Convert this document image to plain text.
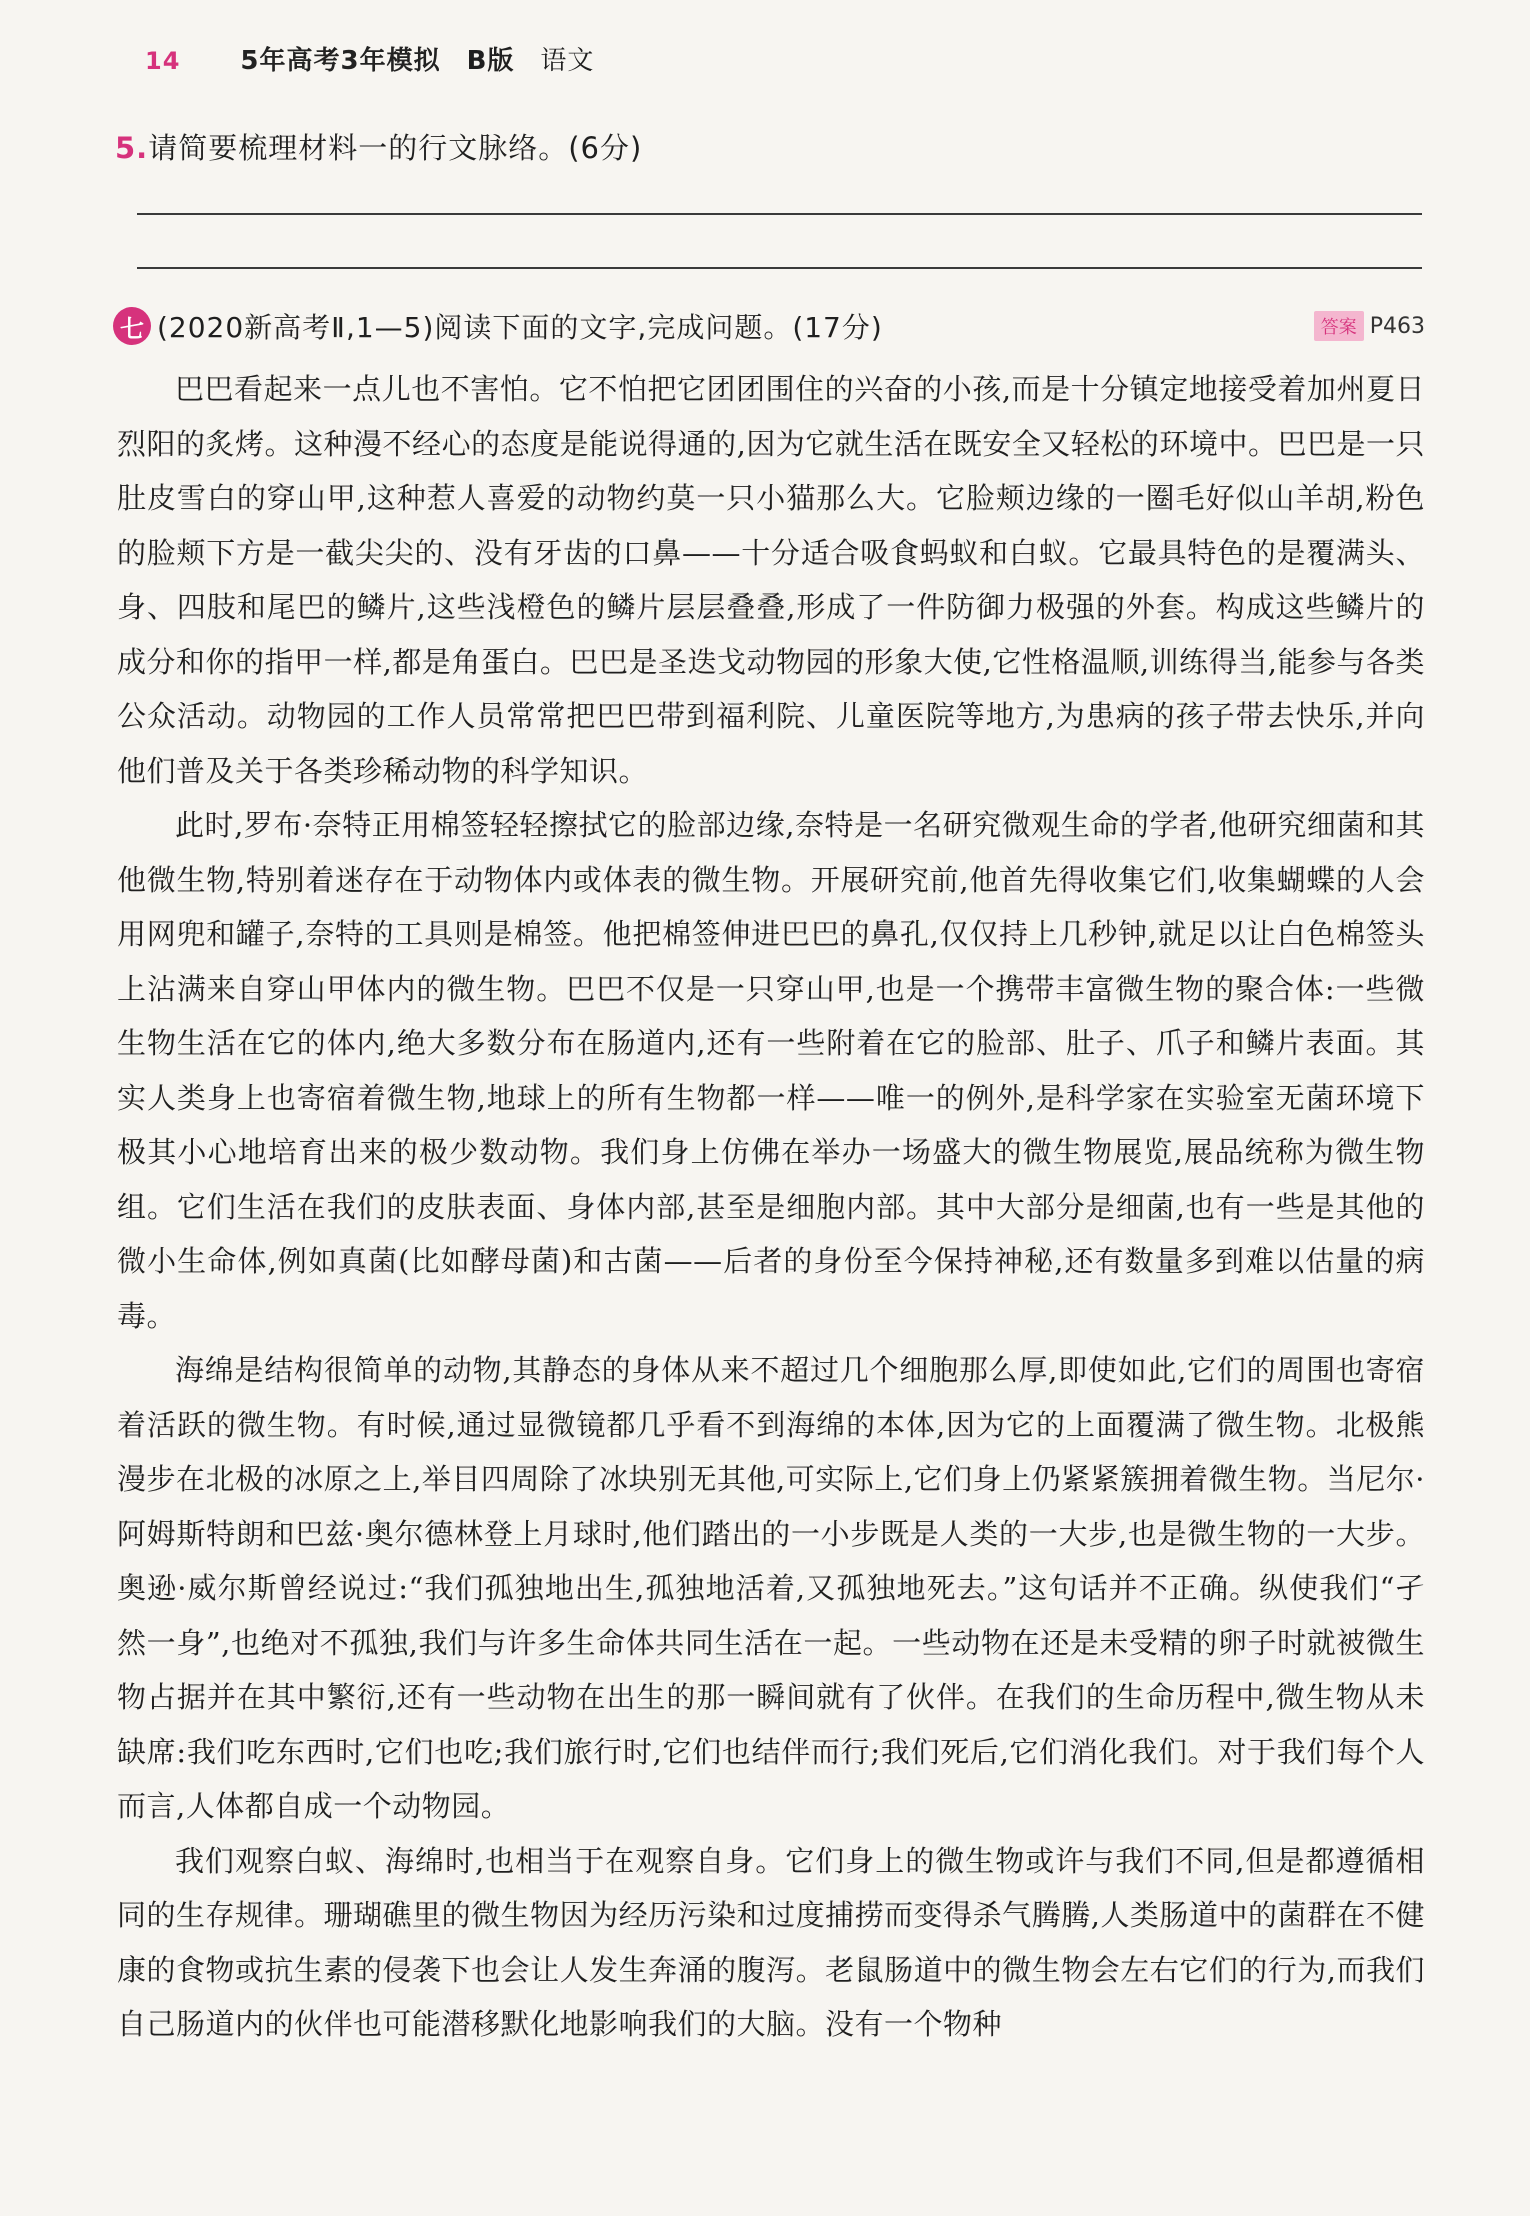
14 5年高考3年模拟 B版 语文
5.请简要梳理材料一的行文脉络。(6分)
七 (2020新高考Ⅱ,1—5)阅读下面的文字,完成问题。(17分)	答案 P463

巴巴看起来一点儿也不害怕。它不怕把它团团围住的兴奋的小孩,而是十分镇定地接受着加州夏日烈阳的炙烤。这种漫不经心的态度是能说得通的,因为它就生活在既安全又轻松的环境中。巴巴是一只肚皮雪白的穿山甲,这种惹人喜爱的动物约莫一只小猫那么大。它脸颊边缘的一圈毛好似山羊胡,粉色的脸颊下方是一截尖尖的、没有牙齿的口鼻——十分适合吸食蚂蚁和白蚁。它最具特色的是覆满头、身、四肢和尾巴的鳞片,这些浅橙色的鳞片层层叠叠,形成了一件防御力极强的外套。构成这些鳞片的成分和你的指甲一样,都是角蛋白。巴巴是圣迭戈动物园的形象大使,它性格温顺,训练得当,能参与各类公众活动。动物园的工作人员常常把巴巴带到福利院、儿童医院等地方,为患病的孩子带去快乐,并向他们普及关于各类珍稀动物的科学知识。

此时,罗布·奈特正用棉签轻轻擦拭它的脸部边缘,奈特是一名研究微观生命的学者,他研究细菌和其他微生物,特别着迷存在于动物体内或体表的微生物。开展研究前,他首先得收集它们,收集蝴蝶的人会用网兜和罐子,奈特的工具则是棉签。他把棉签伸进巴巴的鼻孔,仅仅持上几秒钟,就足以让白色棉签头上沾满来自穿山甲体内的微生物。巴巴不仅是一只穿山甲,也是一个携带丰富微生物的聚合体:一些微生物生活在它的体内,绝大多数分布在肠道内,还有一些附着在它的脸部、肚子、爪子和鳞片表面。其实人类身上也寄宿着微生物,地球上的所有生物都一样——唯一的例外,是科学家在实验室无菌环境下极其小心地培育出来的极少数动物。我们身上仿佛在举办一场盛大的微生物展览,展品统称为微生物组。它们生活在我们的皮肤表面、身体内部,甚至是细胞内部。其中大部分是细菌,也有一些是其他的微小生命体,例如真菌(比如酵母菌)和古菌——后者的身份至今保持神秘,还有数量多到难以估量的病毒。

海绵是结构很简单的动物,其静态的身体从来不超过几个细胞那么厚,即使如此,它们的周围也寄宿着活跃的微生物。有时候,通过显微镜都几乎看不到海绵的本体,因为它的上面覆满了微生物。北极熊漫步在北极的冰原之上,举目四周除了冰块别无其他,可实际上,它们身上仍紧紧簇拥着微生物。当尼尔·阿姆斯特朗和巴兹·奥尔德林登上月球时,他们踏出的一小步既是人类的一大步,也是微生物的一大步。奥逊·威尔斯曾经说过:“我们孤独地出生,孤独地活着,又孤独地死去。”这句话并不正确。纵使我们“孑然一身”,也绝对不孤独,我们与许多生命体共同生活在一起。一些动物在还是未受精的卵子时就被微生物占据并在其中繁衍,还有一些动物在出生的那一瞬间就有了伙伴。在我们的生命历程中,微生物从未缺席:我们吃东西时,它们也吃;我们旅行时,它们也结伴而行;我们死后,它们消化我们。对于我们每个人而言,人体都自成一个动物园。

我们观察白蚁、海绵时,也相当于在观察自身。它们身上的微生物或许与我们不同,但是都遵循相同的生存规律。珊瑚礁里的微生物因为经历污染和过度捕捞而变得杀气腾腾,人类肠道中的菌群在不健康的食物或抗生素的侵袭下也会让人发生奔涌的腹泻。老鼠肠道中的微生物会左右它们的行为,而我们自己肠道内的伙伴也可能潜移默化地影响我们的大脑。没有一个物种
